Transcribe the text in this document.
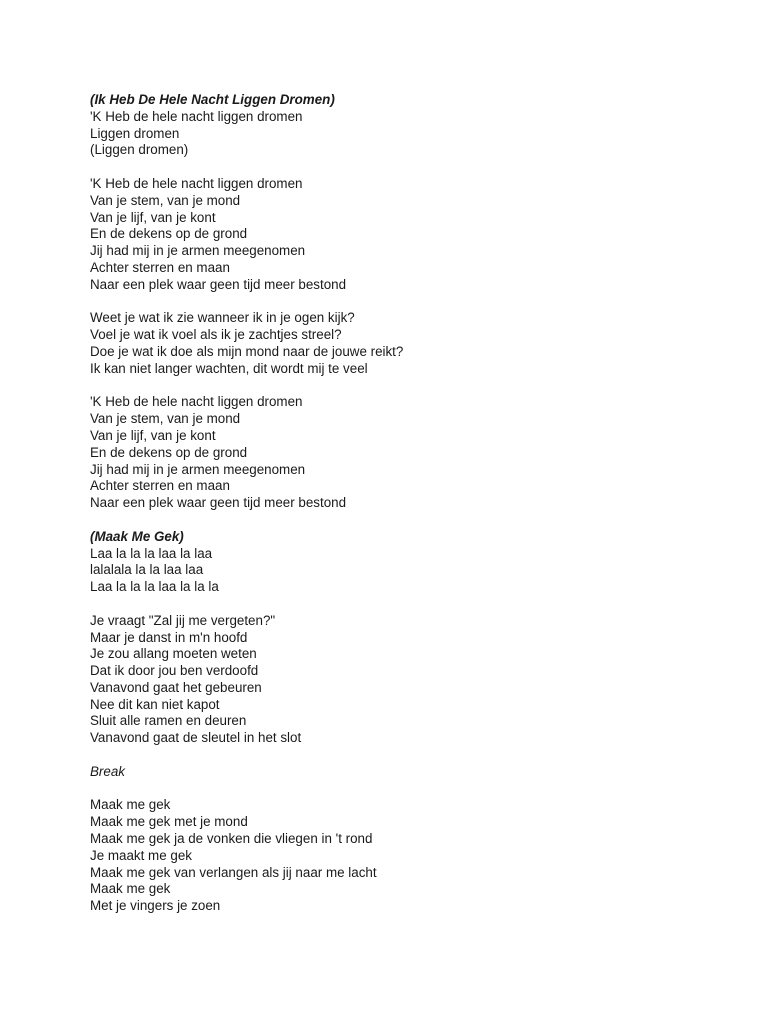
(Ik Heb De Hele Nacht Liggen Dromen)
'K Heb de hele nacht liggen dromen
Liggen dromen
(Liggen dromen)
'K Heb de hele nacht liggen dromen
Van je stem, van je mond
Van je lijf, van je kont
En de dekens op de grond
Jij had mij in je armen meegenomen
Achter sterren en maan
Naar een plek waar geen tijd meer bestond
Weet je wat ik zie wanneer ik in je ogen kijk?
Voel je wat ik voel als ik je zachtjes streel?
Doe je wat ik doe als mijn mond naar de jouwe reikt?
Ik kan niet langer wachten, dit wordt mij te veel
'K Heb de hele nacht liggen dromen
Van je stem, van je mond
Van je lijf, van je kont
En de dekens op de grond
Jij had mij in je armen meegenomen
Achter sterren en maan
Naar een plek waar geen tijd meer bestond
(Maak Me Gek)
Laa la la la laa la laa
lalalala la la laa laa
Laa la la la laa la la la
Je vraagt "Zal jij me vergeten?"
Maar je danst in m'n hoofd
Je zou allang moeten weten
Dat ik door jou ben verdoofd
Vanavond gaat het gebeuren
Nee dit kan niet kapot
Sluit alle ramen en deuren
Vanavond gaat de sleutel in het slot
Break
Maak me gek
Maak me gek met je mond
Maak me gek ja de vonken die vliegen in 't rond
Je maakt me gek
Maak me gek van verlangen als jij naar me lacht
Maak me gek
Met je vingers je zoen
